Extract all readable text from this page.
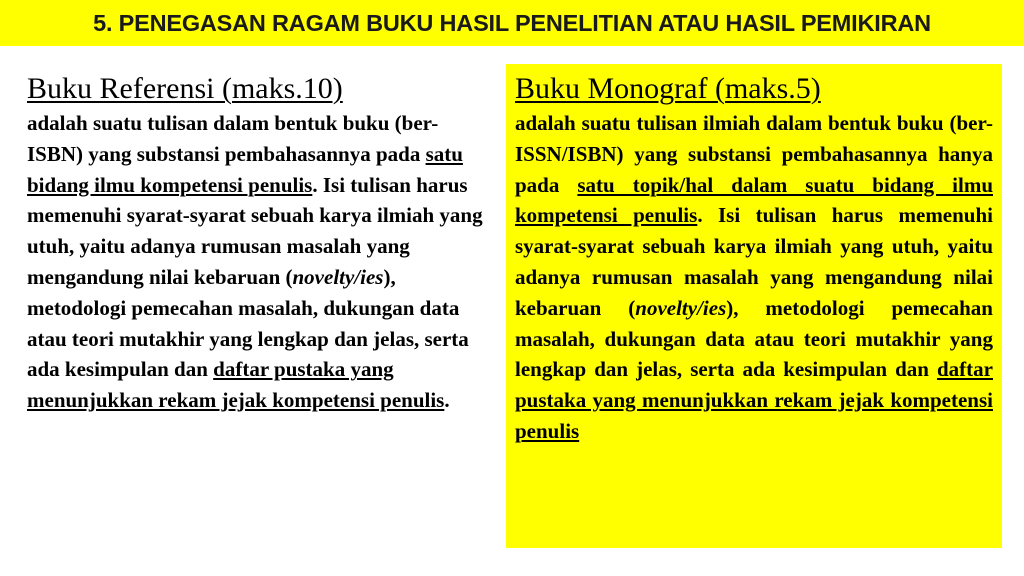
5. PENEGASAN RAGAM BUKU HASIL PENELITIAN ATAU HASIL PEMIKIRAN
Buku Referensi (maks.10)
adalah suatu tulisan dalam bentuk buku (ber-ISBN) yang substansi pembahasannya pada satu bidang ilmu kompetensi penulis. Isi tulisan harus memenuhi syarat-syarat sebuah karya ilmiah yang utuh, yaitu adanya rumusan masalah yang mengandung nilai kebaruan (novelty/ies), metodologi pemecahan masalah, dukungan data atau teori mutakhir yang lengkap dan jelas, serta ada kesimpulan dan daftar pustaka yang menunjukkan rekam jejak kompetensi penulis.
Buku Monograf (maks.5)
adalah suatu tulisan ilmiah dalam bentuk buku (ber-ISSN/ISBN) yang substansi pembahasannya hanya pada satu topik/hal dalam suatu bidang ilmu kompetensi penulis. Isi tulisan harus memenuhi syarat-syarat sebuah karya ilmiah yang utuh, yaitu adanya rumusan masalah yang mengandung nilai kebaruan (novelty/ies), metodologi pemecahan masalah, dukungan data atau teori mutakhir yang lengkap dan jelas, serta ada kesimpulan dan daftar pustaka yang menunjukkan rekam jejak kompetensi penulis
